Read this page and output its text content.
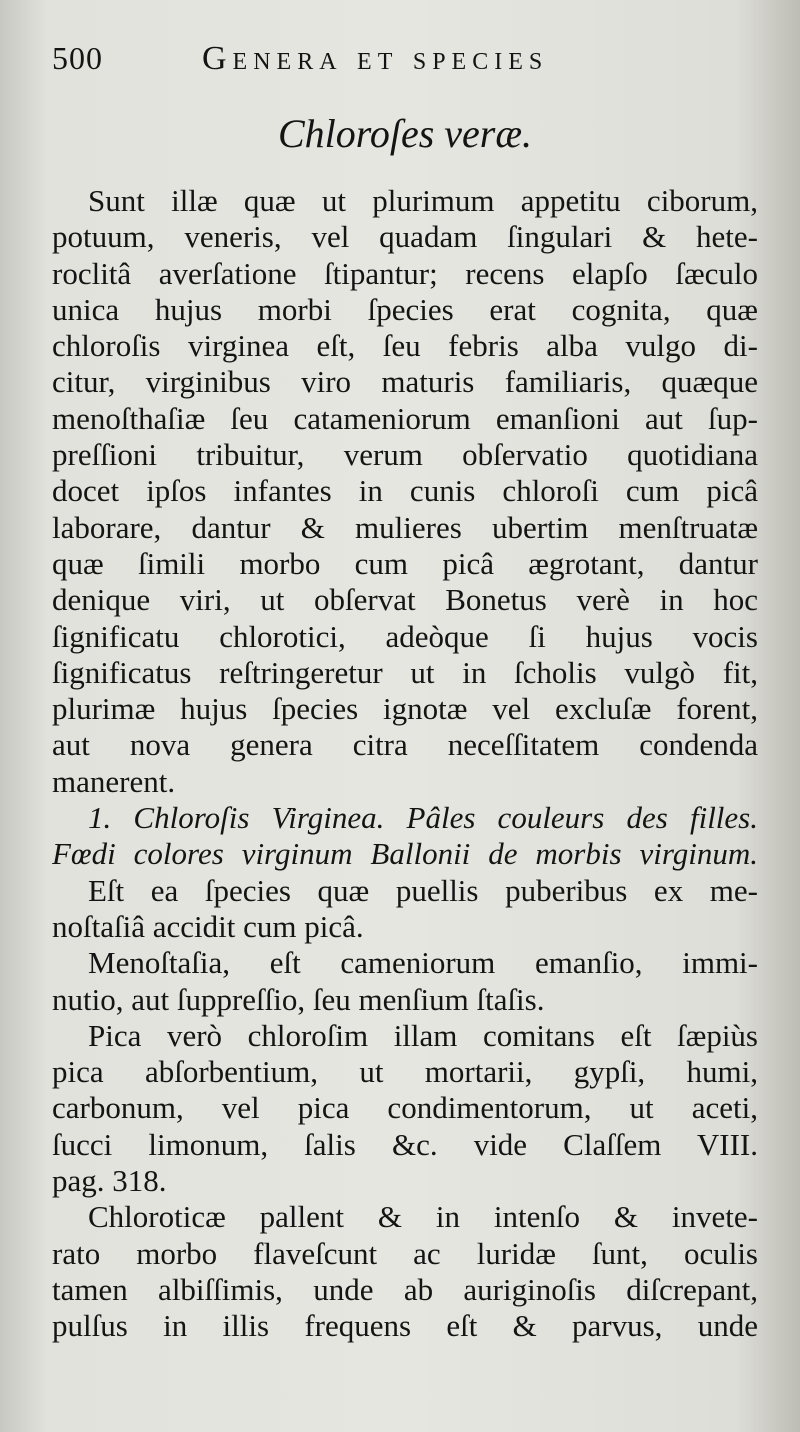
500	Genera et species
Chloroſes veræ.
Sunt illæ quæ ut plurimum appetitu ciborum,
potuum, veneris, vel quadam ſingulari & hete-
roclitâ averſatione ſtipantur; recens elapſo ſæculo
unica hujus morbi ſpecies erat cognita, quæ
chloroſis virginea eſt, ſeu febris alba vulgo di-
citur, virginibus viro maturis familiaris, quæque
menoſthaſiæ ſeu catameniorum emanſioni aut ſup-
preſſioni tribuitur, verum obſervatio quotidiana
docet ipſos infantes in cunis chloroſi cum picâ
laborare, dantur & mulieres ubertim menſtruatæ
quæ ſimili morbo cum picâ ægrotant, dantur
denique viri, ut obſervat Bonetus verè in hoc
ſignificatu chlorotici, adeòque ſi hujus vocis
ſignificatus reſtringeretur ut in ſcholis vulgò fit,
plurimæ hujus ſpecies ignotæ vel excluſæ forent,
aut nova genera citra neceſſitatem condenda
manerent.
1. Chloroſis Virginea. Pâles couleurs des filles.
Fœdi colores virginum Ballonii de morbis virginum.
Eſt ea ſpecies quæ puellis puberibus ex me-
noſtaſiâ accidit cum picâ.
Menoſtaſia, eſt cameniorum emanſio, immi-
nutio, aut ſuppreſſio, ſeu menſium ſtaſis.
Pica verò chloroſim illam comitans eſt ſæpiùs
pica abſorbentium, ut mortarii, gypſi, humi,
carbonum, vel pica condimentorum, ut aceti,
ſucci limonum, ſalis &c. vide Claſſem VIII.
pag. 318.
Chloroticæ pallent & in intenſo & invete-
rato morbo flaveſcunt ac luridæ ſunt, oculis
tamen albiſſimis, unde ab auriginoſis diſcrepant,
pulſus in illis frequens eſt & parvus, unde
